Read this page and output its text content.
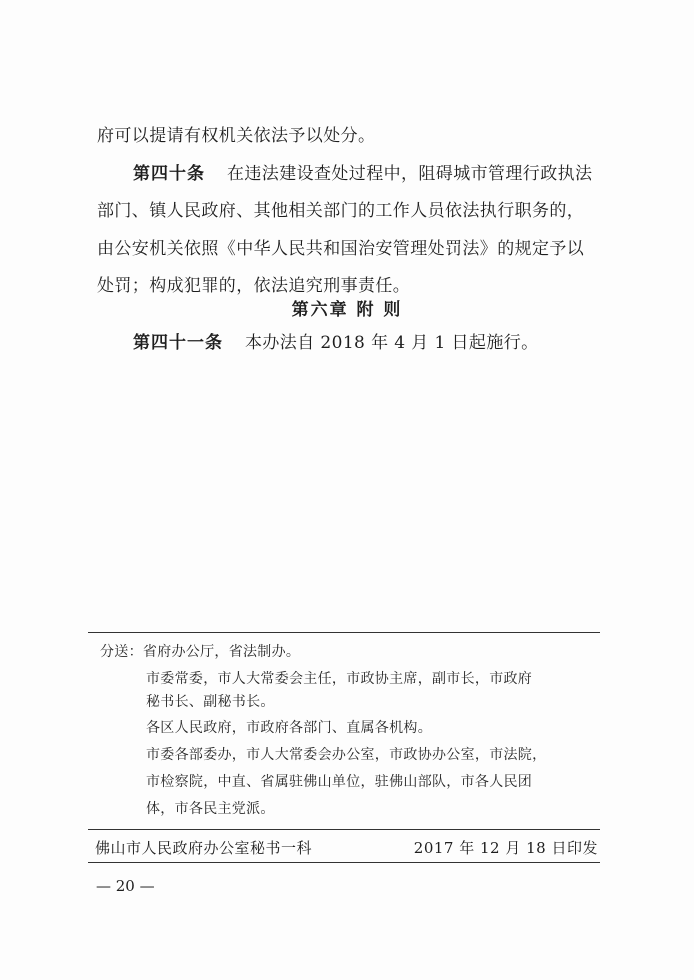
府可以提请有权机关依法予以处分。
第四十条 在违法建设查处过程中，阻碍城市管理行政执法
部门、镇人民政府、其他相关部门的工作人员依法执行职务的，
由公安机关依照《中华人民共和国治安管理处罚法》的规定予以
处罚；构成犯罪的，依法追究刑事责任。
第六章 附 则
第四十一条 本办法自 2018 年 4 月 1 日起施行。
分送：省府办公厅，省法制办。
市委常委，市人大常委会主任，市政协主席，副市长，市政府
秘书长、副秘书长。
各区人民政府，市政府各部门、直属各机构。
市委各部委办，市人大常委会办公室，市政协办公室，市法院，
市检察院，中直、省属驻佛山单位，驻佛山部队，市各人民团
体，市各民主党派。
佛山市人民政府办公室秘书一科	2017 年 12 月 18 日印发
— 20 —
